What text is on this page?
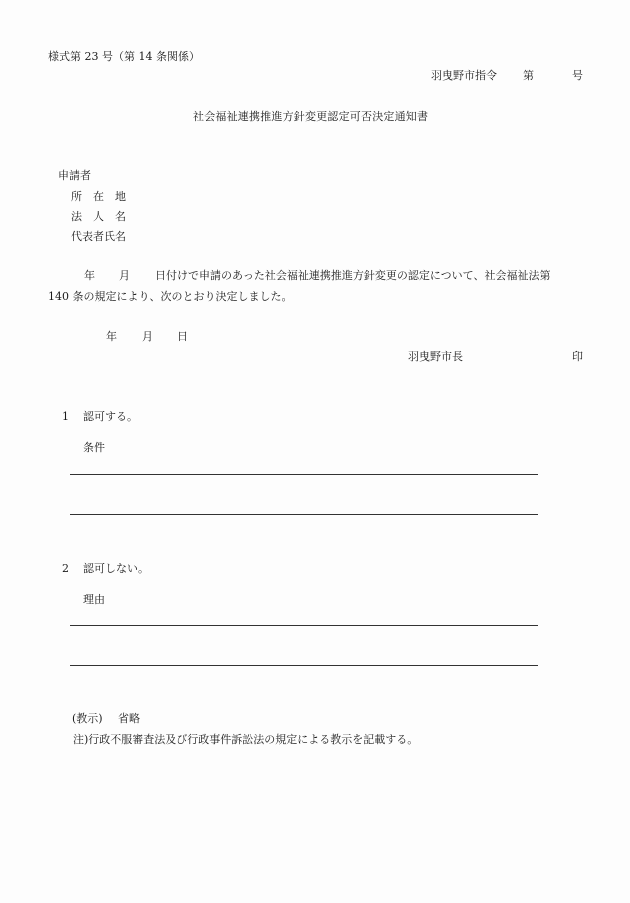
様式第 23 号（第 14 条関係）
羽曳野市指令 第	号
社会福祉連携推進方針変更認定可否決定通知書
申請者
所　在　地
法　人　名
代表者氏名
年 月 日付けで申請のあった社会福祉連携推進方針変更の認定について、社会福祉法第
140 条の規定により、次のとおり決定しました。
年 月 日
羽曳野市長	印
1 認可する。
条件
2 認可しない。
理由
(教示) 省略
注)行政不服審査法及び行政事件訴訟法の規定による教示を記載する。
